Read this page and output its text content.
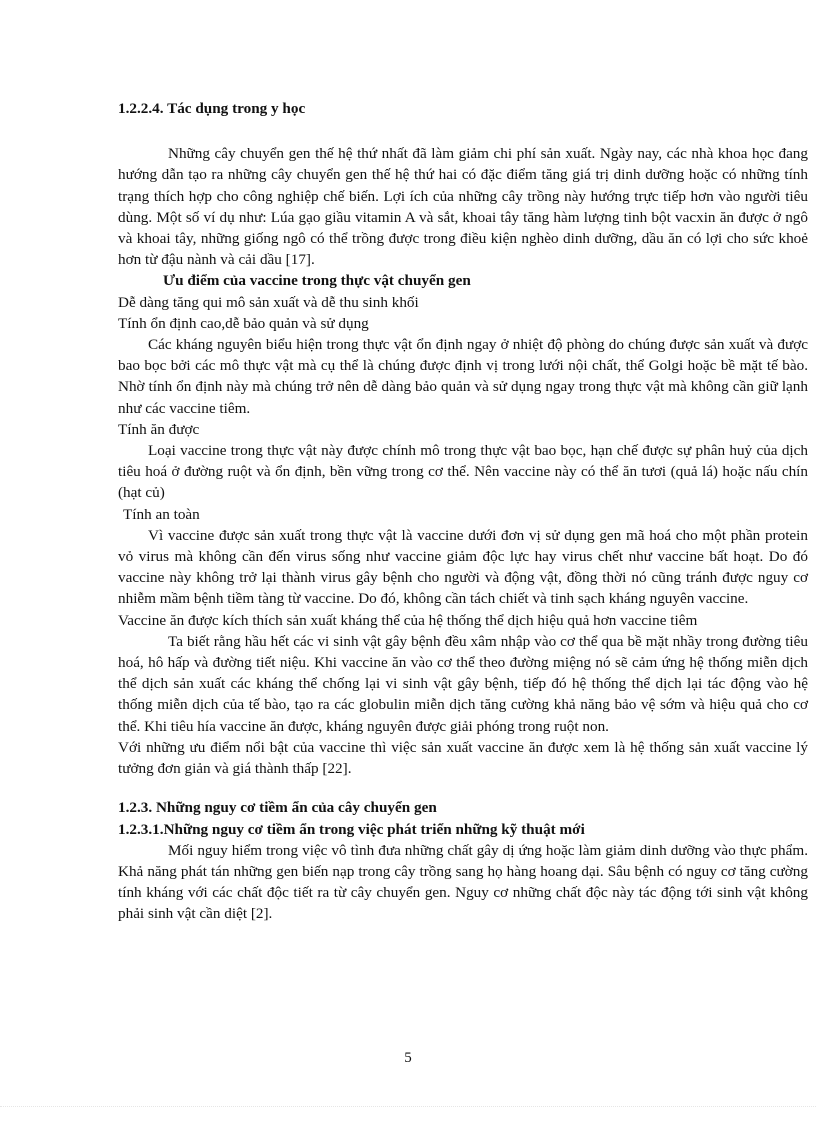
1.2.2.4. Tác dụng trong y học

Những cây chuyển gen thế hệ thứ nhất đã làm giảm chi phí sản xuất. Ngày nay, các nhà khoa học đang hướng dẫn tạo ra những cây chuyển gen thế hệ thứ hai có đặc điểm tăng giá trị dinh dưỡng hoặc có những tính trạng thích hợp cho công nghiệp chế biến. Lợi ích của những cây trồng này hướng trực tiếp hơn vào người tiêu dùng. Một số ví dụ như: Lúa gạo giầu vitamin A và sắt, khoai tây tăng hàm lượng tinh bột vacxin ăn được ở ngô và khoai tây, những giống ngô có thể trồng được trong điều kiện nghèo dinh dưỡng, dầu ăn có lợi cho sức khoẻ hơn từ đậu nành và cải dầu [17].

Ưu điểm của vaccine trong thực vật chuyển gen

Dễ dàng tăng qui mô sản xuất và dễ thu sinh khối

Tính ổn định cao,dễ bảo quản và sử dụng

Các kháng nguyên biểu hiện trong thực vật ổn định ngay ở nhiệt độ phòng do chúng được sản xuất và được bao bọc bởi các mô thực vật mà cụ thể là chúng được định vị trong lưới nội chất, thể Golgi hoặc bề mặt tế bào. Nhờ tính ổn định này mà chúng trở nên dễ dàng bảo quản và sử dụng ngay trong thực vật mà không cần giữ lạnh như các vaccine tiêm.

Tính ăn được

Loại vaccine trong thực vật này được chính mô trong thực vật bao bọc, hạn chế được sự phân huỷ của dịch tiêu hoá ở đường ruột và ổn định, bền vững trong cơ thể. Nên vaccine này có thể ăn tươi (quả lá) hoặc nấu chín (hạt củ)

Tính an toàn

Vì vaccine được sản xuất trong thực vật là vaccine dưới đơn vị sử dụng gen mã hoá cho một phần protein vỏ virus mà không cần đến virus sống như vaccine giảm độc lực hay virus chết như vaccine bất hoạt. Do đó vaccine này không trở lại thành virus gây bệnh cho người và động vật, đồng thời nó cũng tránh được nguy cơ nhiễm mầm bệnh tiềm tàng từ vaccine. Do đó, không cần tách chiết và tinh sạch kháng nguyên vaccine.

Vaccine ăn được kích thích sản xuất kháng thể của hệ thống thể dịch hiệu quả hơn vaccine tiêm

Ta biết rằng hầu hết các vi sinh vật gây bệnh đều xâm nhập vào cơ thể qua bề mặt nhầy trong đường tiêu hoá, hô hấp và đường tiết niệu. Khi vaccine ăn vào cơ thể theo đường miệng nó sẽ cảm ứng hệ thống miễn dịch thể dịch sản xuất các kháng thể chống lại vi sinh vật gây bệnh, tiếp đó hệ thống thể dịch lại tác động vào hệ thống miễn dịch của tế bào, tạo ra các globulin miễn dịch tăng cường khả năng bảo vệ sớm và hiệu quả cho cơ thể. Khi tiêu hía vaccine ăn được, kháng nguyên được giải phóng trong ruột non.

Với những ưu điểm nổi bật của vaccine thì việc sản xuất vaccine ăn được xem là hệ thống sản xuất vaccine lý tưởng đơn giản và giá thành thấp [22].

1.2.3. Những nguy cơ tiềm ẩn của cây chuyển gen

1.2.3.1.Những nguy cơ tiềm ẩn trong việc phát triển những kỹ thuật mới

Mối nguy hiểm trong việc vô tình đưa những chất gây dị ứng hoặc làm giảm dinh dưỡng vào thực phẩm. Khả năng phát tán những gen biến nạp trong cây trồng sang họ hàng hoang dại. Sâu bệnh có nguy cơ tăng cường tính kháng với các chất độc tiết ra từ cây chuyển gen. Nguy cơ những chất độc này tác động tới sinh vật không phải sinh vật cần diệt [2].

5
